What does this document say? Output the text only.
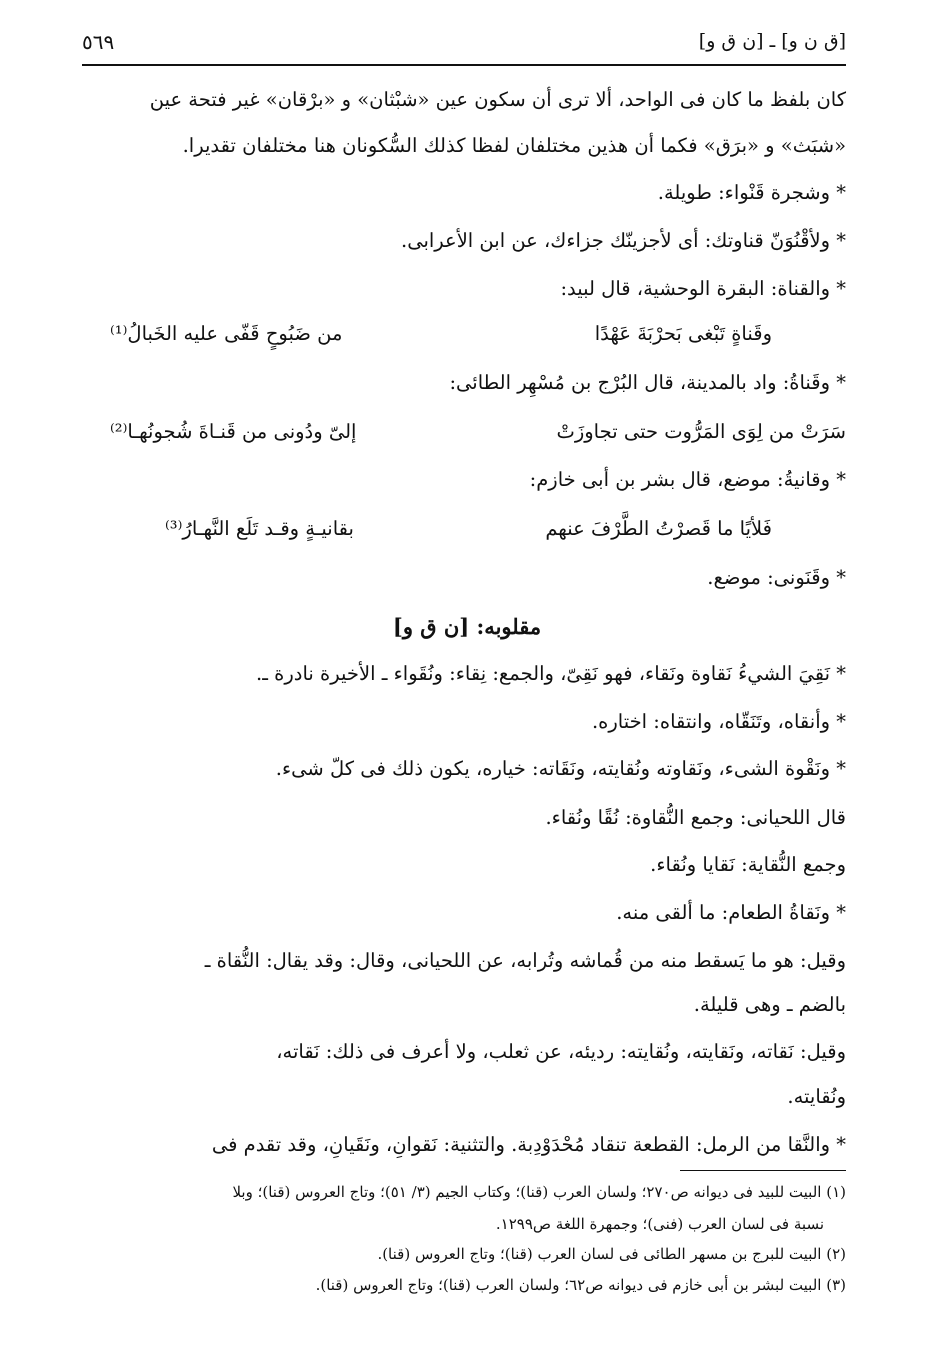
[ق ن و] ـ [ن ق و]
٥٦٩
كان بلفظ ما كان فى الواحد، ألا ترى أن سكون عين «شبْثان» و «برْقان» غير فتحة عين
«شبَث» و «برَق» فكما أن هذين مختلفان لفظا كذلك السُّكونان هنا مختلفان تقديرا.
* وشجرة قَنْواء: طويلة.
* ولأقْنُوَنّ قناوتك: أى لأجزينّك جزاءك، عن ابن الأعرابى.
* والقناة: البقرة الوحشية، قال لبيد:
وقَناةٍ تَبْغى بَحرْبَةَ عَهْدًا
من ضَبُوحٍ قَفّى عليه الخَبالُ⁽¹⁾
* وقَناةُ: واد بالمدينة، قال البُرْج بن مُسْهِر الطائى:
سَرَتْ من لِوَى المَرُّوت حتى تجاوزَتْ
إلىّ ودُونى من قَنـاةَ شُجونُهـا⁽²⁾
* وقانيةُ: موضع، قال بشر بن أبى خازم:
فَلأيًا ما قَصرْتُ الطَّرْفَ عنهم
بقانيـةٍ وقـد تَلَع النَّهـارُ⁽³⁾
* وقَنَونى: موضع.
مقلوبه: [ن ق و]
* نَقِيَ الشيءُ نَقاوة ونَقاء، فهو نَقِىّ، والجمع: نِقاء: ونُقَواء ـ الأخيرة نادرة ـ.
* وأنقاه، وتَنَقّاه، وانتقاه: اختاره.
* ونَقْوة الشىء، ونَقاوته ونُقايته، ونَقَاته: خياره، يكون ذلك فى كلّ شىء.
قال اللحيانى: وجمع النُّقاوة: نُقًا ونُقاء.
وجمع النُّقاية: نَقايا ونُقاء.
* ونَقاةُ الطعام: ما ألقى منه.
وقيل: هو ما يَسقط منه من قُماشه وتُرابه، عن اللحيانى، وقال: وقد يقال: النُّقاة ـ
بالضم ـ وهى قليلة.
وقيل: نَقاته، ونَقايته، ونُقايته: رديئه، عن ثعلب، ولا أعرف فى ذلك: نَقاته،
ونُقايته.
* والنَّقا من الرمل: القطعة تنقاد مُحْدَوْدِبة. والتثنية: نَقوانِ، ونَقَيانِ، وقد تقدم فى
(١) البيت للبيد فى ديوانه ص٢٧٠؛ ولسان العرب (قنا)؛ وكتاب الجيم (٣/ ٥١)؛ وتاج العروس (قنا)؛ وبلا
نسبة فى لسان العرب (فنى)؛ وجمهرة اللغة ص١٢٩٩.
(٢) البيت للبرج بن مسهر الطائى فى لسان العرب (قنا)؛ وتاج العروس (قنا).
(٣) البيت لبشر بن أبى خازم فى ديوانه ص٦٢؛ ولسان العرب (قنا)؛ وتاج العروس (قنا).
